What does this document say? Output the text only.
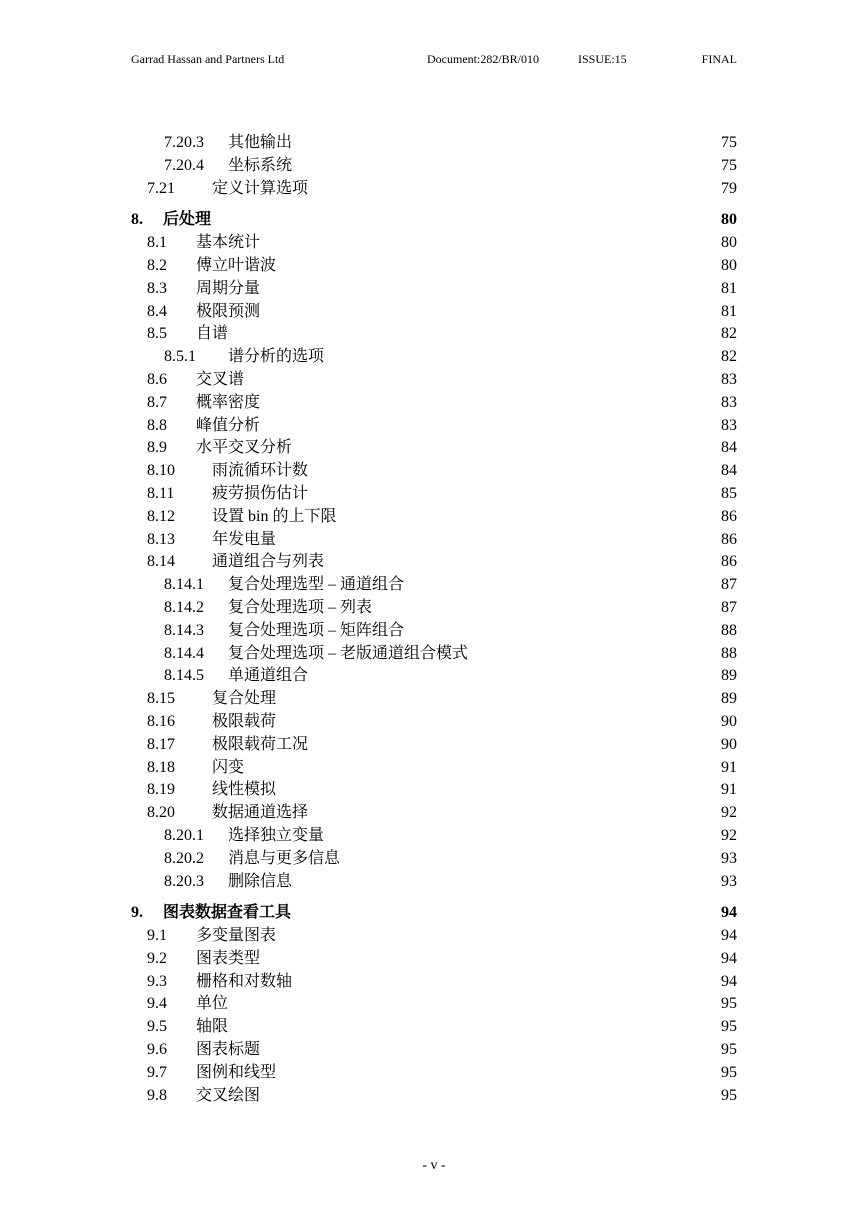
Garrad Hassan and Partners Ltd	Document:282/BR/010	ISSUE:15	FINAL
7.20.3 其他输出	75
7.20.4 坐标系统	75
7.21 定义计算选项	79
8. 后处理	80
8.1 基本统计	80
8.2 傅立叶谐波	80
8.3 周期分量	81
8.4 极限预测	81
8.5 自谱	82
8.5.1 谱分析的选项	82
8.6 交叉谱	83
8.7 概率密度	83
8.8 峰值分析	83
8.9 水平交叉分析	84
8.10 雨流循环计数	84
8.11 疲劳损伤估计	85
8.12 设置 bin 的上下限	86
8.13 年发电量	86
8.14 通道组合与列表	86
8.14.1 复合处理选型 – 通道组合	87
8.14.2 复合处理选项 – 列表	87
8.14.3 复合处理选项 – 矩阵组合	88
8.14.4 复合处理选项 – 老版通道组合模式	88
8.14.5 单通道组合	89
8.15 复合处理	89
8.16 极限载荷	90
8.17 极限载荷工况	90
8.18 闪变	91
8.19 线性模拟	91
8.20 数据通道选择	92
8.20.1 选择独立变量	92
8.20.2 消息与更多信息	93
8.20.3 删除信息	93
9. 图表数据查看工具	94
9.1 多变量图表	94
9.2 图表类型	94
9.3 栅格和对数轴	94
9.4 单位	95
9.5 轴限	95
9.6 图表标题	95
9.7 图例和线型	95
9.8 交叉绘图	95
- v -
